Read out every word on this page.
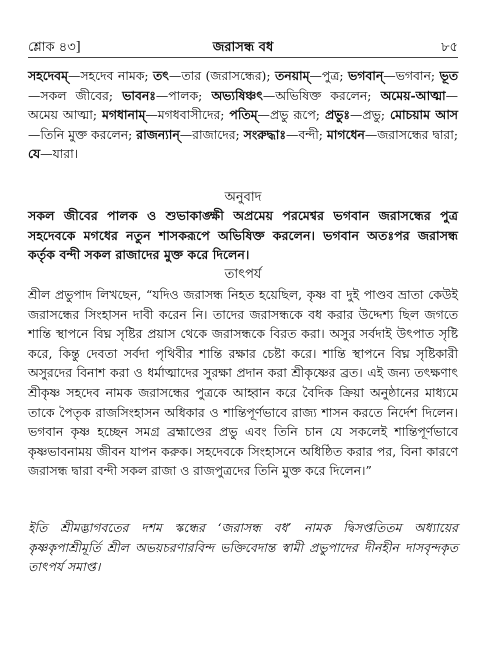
শ্লোক ৪৩]	জরাসন্ধ বধ	৮৫

সহদেবম্—সহদেব নামক; তৎ—তার (জরাসন্ধের); তনয়াম্—পুত্র; ভগবান্—ভগবান; ভূত—সকল জীবের; ভাবনঃ—পালক; অভ্যষিঞ্চৎ—অভিষিক্ত করলেন; অমেয়-আত্মা—অমেয় আত্মা; মগধানাম্—মগধবাসীদের; পতিম্—প্রভু রূপে; প্রভুঃ—প্রভু; মোচয়াম আস—তিনি মুক্ত করলেন; রাজন্যান্—রাজাদের; সংরুদ্ধাঃ—বন্দী; মাগধেন—জরাসন্ধের দ্বারা; যে—যারা।

অনুবাদ

সকল জীবের পালক ও শুভাকাঙ্ক্ষী অপ্রমেয় পরমেশ্বর ভগবান জরাসন্ধের পুত্র সহদেবকে মগধের নতুন শাসকরূপে অভিষিক্ত করলেন। ভগবান অতঃপর জরাসন্ধ কর্তৃক বন্দী সকল রাজাদের মুক্ত করে দিলেন।

তাৎপর্য

শ্রীল প্রভুপাদ লিখছেন, “যদিও জরাসন্ধ নিহত হয়েছিল, কৃষ্ণ বা দুই পাণ্ডব ভ্রাতা কেউই জরাসন্ধের সিংহাসন দাবী করেন নি। তাদের জরাসন্ধকে বধ করার উদ্দেশ্য ছিল জগতে শান্তি স্থাপনে বিঘ্ন সৃষ্টির প্রয়াস থেকে জরাসন্ধকে বিরত করা। অসুর সর্বদাই উৎপাত সৃষ্টি করে, কিন্তু দেবতা সর্বদা পৃথিবীর শান্তি রক্ষার চেষ্টা করে। শান্তি স্থাপনে বিঘ্ন সৃষ্টিকারী অসুরদের বিনাশ করা ও ধর্মাত্মাদের সুরক্ষা প্রদান করা শ্রীকৃষ্ণের ব্রত। এই জন্য তৎক্ষণাৎ শ্রীকৃষ্ণ সহদেব নামক জরাসন্ধের পুত্রকে আহ্বান করে বৈদিক ক্রিয়া অনুষ্ঠানের মাধ্যমে তাকে পৈতৃক রাজসিংহাসন অধিকার ও শান্তিপূর্ণভাবে রাজ্য শাসন করতে নির্দেশ দিলেন। ভগবান কৃষ্ণ হচ্ছেন সমগ্র ব্রহ্মাণ্ডের প্রভু এবং তিনি চান যে সকলেই শান্তিপূর্ণভাবে কৃষ্ণভাবনাময় জীবন যাপন করুক। সহদেবকে সিংহাসনে অধিষ্ঠিত করার পর, বিনা কারণে জরাসন্ধ দ্বারা বন্দী সকল রাজা ও রাজপুত্রদের তিনি মুক্ত করে দিলেন।”

ইতি শ্রীমদ্ভাগবতের দশম স্কন্ধের ‘জরাসন্ধ বধ’ নামক দ্বিসপ্ততিতম অধ্যায়ের কৃষ্ণকৃপাশ্রীমূর্তি শ্রীল অভয়চরণারবিন্দ ভক্তিবেদান্ত স্বামী প্রভুপাদের দীনহীন দাসবৃন্দকৃত তাৎপর্য সমাপ্ত।
